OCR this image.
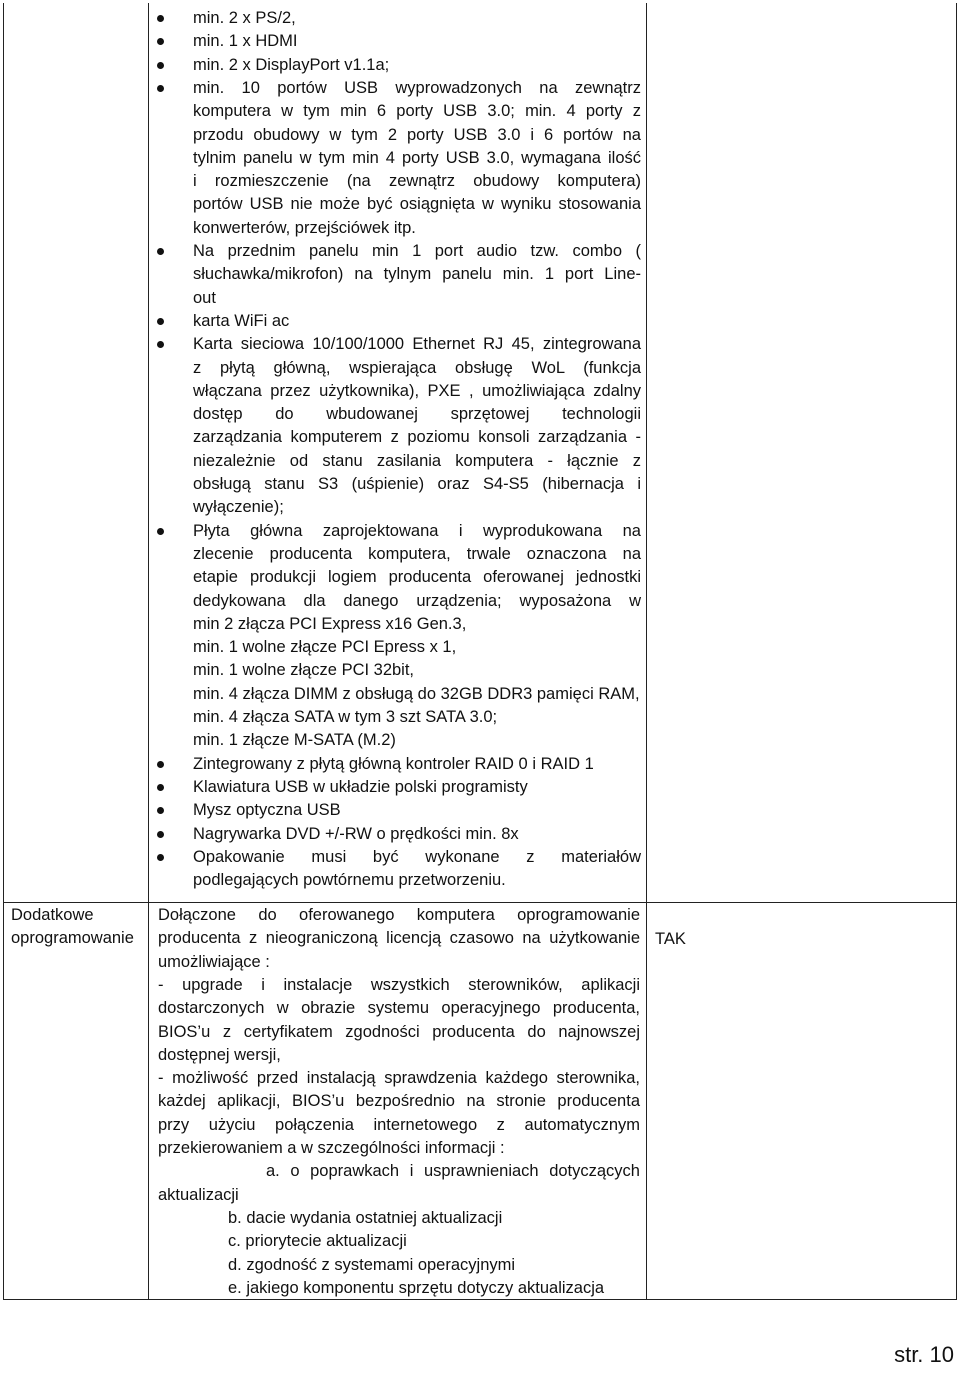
min. 2 x PS/2,
min. 1 x HDMI
min. 2 x DisplayPort v1.1a;
min. 10 portów USB wyprowadzonych na zewnątrz
komputera w tym min 6 porty USB 3.0; min. 4 porty z
przodu obudowy w tym 2 porty USB 3.0 i 6 portów na
tylnim panelu w tym min 4 porty USB 3.0, wymagana ilość
i rozmieszczenie (na zewnątrz obudowy komputera)
portów USB nie może być osiągnięta w wyniku stosowania
konwerterów, przejściówek itp.
Na przednim panelu min 1 port audio tzw. combo (
słuchawka/mikrofon) na tylnym panelu min. 1 port Line-
out
karta WiFi ac
Karta sieciowa 10/100/1000 Ethernet RJ 45, zintegrowana
z płytą główną, wspierająca obsługę WoL (funkcja
włączana przez użytkownika), PXE , umożliwiająca zdalny
dostęp do wbudowanej sprzętowej technologii
zarządzania komputerem z poziomu konsoli zarządzania -
niezależnie od stanu zasilania komputera - łącznie z
obsługą stanu S3 (uśpienie) oraz S4-S5 (hibernacja i
wyłączenie);
Płyta główna zaprojektowana i wyprodukowana na
zlecenie producenta komputera, trwale oznaczona na
etapie produkcji logiem producenta oferowanej jednostki
dedykowana dla danego urządzenia; wyposażona w
min 2 złącza PCI Express x16 Gen.3,
min. 1 wolne złącze PCI Epress x 1,
min. 1 wolne złącze PCI 32bit,
min. 4 złącza DIMM z obsługą do 32GB DDR3 pamięci RAM,
min. 4 złącza SATA w tym 3 szt SATA 3.0;
min. 1 złącze M-SATA (M.2)
Zintegrowany z płytą główną kontroler RAID 0 i RAID 1
Klawiatura USB w układzie polski programisty
Mysz optyczna USB
Nagrywarka DVD +/-RW o prędkości min. 8x
Opakowanie musi być wykonane z materiałów
podlegających powtórnemu przetworzeniu.
Dodatkowe
oprogramowanie
Dołączone do oferowanego komputera oprogramowanie
producenta z nieograniczoną licencją czasowo na użytkowanie
umożliwiające :
- upgrade i instalacje wszystkich sterowników, aplikacji
dostarczonych w obrazie systemu operacyjnego producenta,
BIOS’u z certyfikatem zgodności producenta do najnowszej
dostępnej wersji,
- możliwość przed instalacją sprawdzenia każdego sterownika,
każdej aplikacji, BIOS’u bezpośrednio na stronie producenta
przy użyciu połączenia internetowego z automatycznym
przekierowaniem a w szczególności informacji :
a. o poprawkach i usprawnieniach dotyczących
aktualizacji
b. dacie wydania ostatniej aktualizacji
c. priorytecie aktualizacji
d. zgodność z systemami operacyjnymi
e. jakiego komponentu sprzętu dotyczy aktualizacja
TAK
str. 10
